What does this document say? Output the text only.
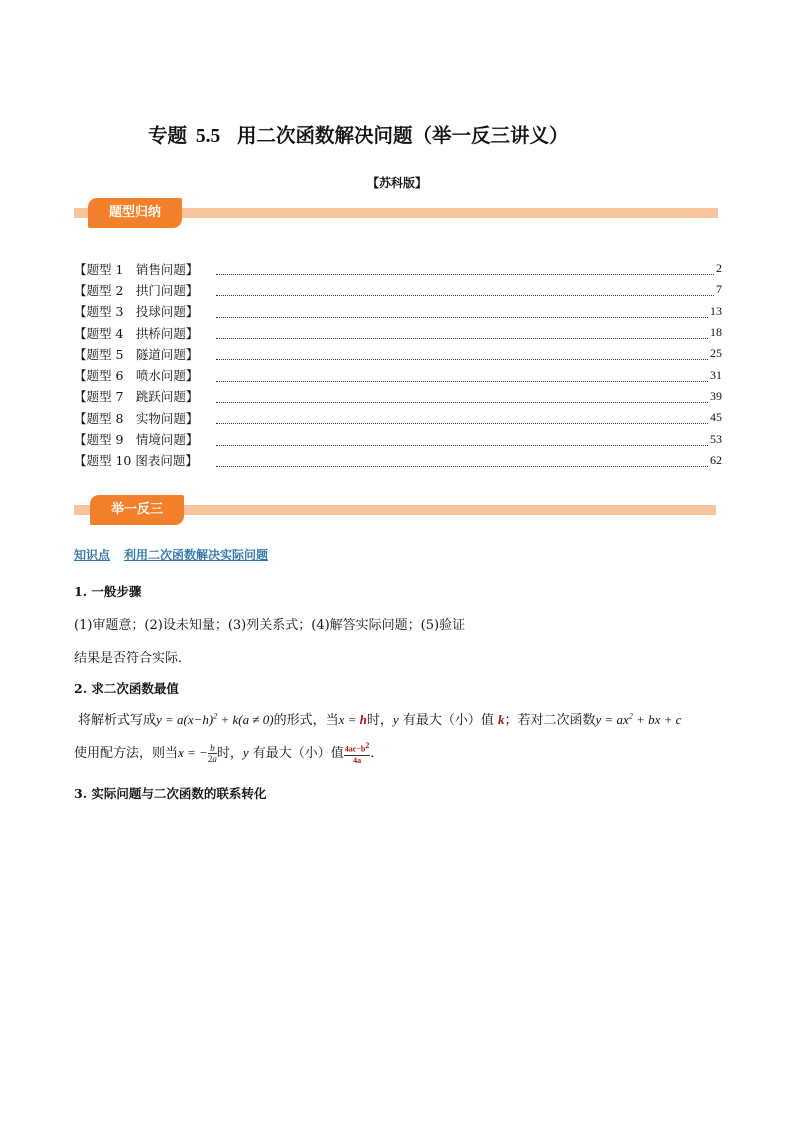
专题 5.5 用二次函数解决问题（举一反三讲义）
【苏科版】
题型归纳
【题型 1　销售问题】	2
【题型 2　拱门问题】	7
【题型 3　投球问题】	13
【题型 4　拱桥问题】	18
【题型 5　隧道问题】	25
【题型 6　喷水问题】	31
【题型 7　跳跃问题】	39
【题型 8　实物问题】	45
【题型 9　情境问题】	53
【题型 10 图表问题】	62
举一反三
知识点 利用二次函数解决实际问题
1. 一般步骤
(1)审题意；(2)设未知量；(3)列关系式；(4)解答实际问题；(5)验证
结果是否符合实际．
2. 求二次函数最值
将解析式写成$y = a(x-h)^2 + k(a \ne 0)$的形式，当x = h时，y 有最大（小）值 k；若对二次函数$y = ax^2$ + bx + c
使用配方法，则当x = − $\frac{b}{2a}$ 时，y 有最大（小）值 $\frac{4ac-b^2}{4a}$ ．
3. 实际问题与二次函数的联系转化
